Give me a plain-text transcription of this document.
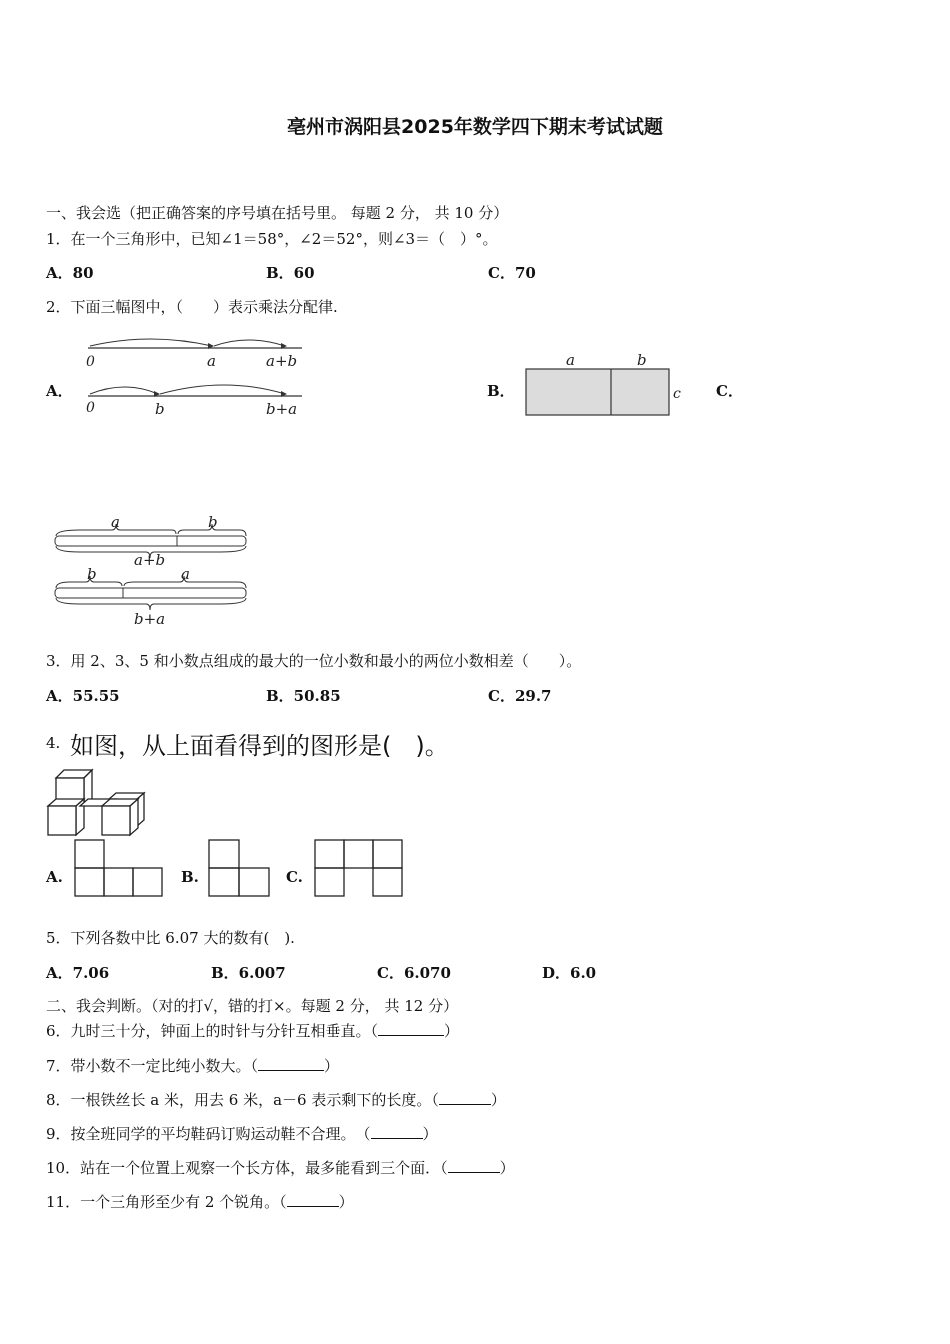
亳州市涡阳县2025年数学四下期末考试试题
一、我会选（把正确答案的序号填在括号里。 每题 2 分， 共 10 分）
1．在一个三角形中，已知∠1＝58°，∠2＝52°，则∠3＝（　）°。
A．80	B．60	C．70
2．下面三幅图中，（　　）表示乘法分配律.
A．
0	a	a+b
0	b	b+a
B．
a	b
c C．
a	b
a+b
b	a
b+a
3．用 2、3、5 和小数点组成的最大的一位小数和最小的两位小数相差（　　）。
A．55.55	B．50.85	C．29.7
4. 如图，从上面看得到的图形是(　)。
A.	B.	C.
5．下列各数中比 6.07 大的数有(　).
A．7.06	B．6.007	C．6.070	D．6.0
二、我会判断。（对的打√，错的打×。每题 2 分， 共 12 分）
6．九时三十分，钟面上的时针与分针互相垂直。（	）
7．带小数不一定比纯小数大。（	）
8．一根铁丝长 a 米，用去 6 米，a－6 表示剩下的长度。（	）
9．按全班同学的平均鞋码订购运动鞋不合理。　（	）
10．站在一个位置上观察一个长方体，最多能看到三个面．（	）
11．一个三角形至少有 2 个锐角。（	）
